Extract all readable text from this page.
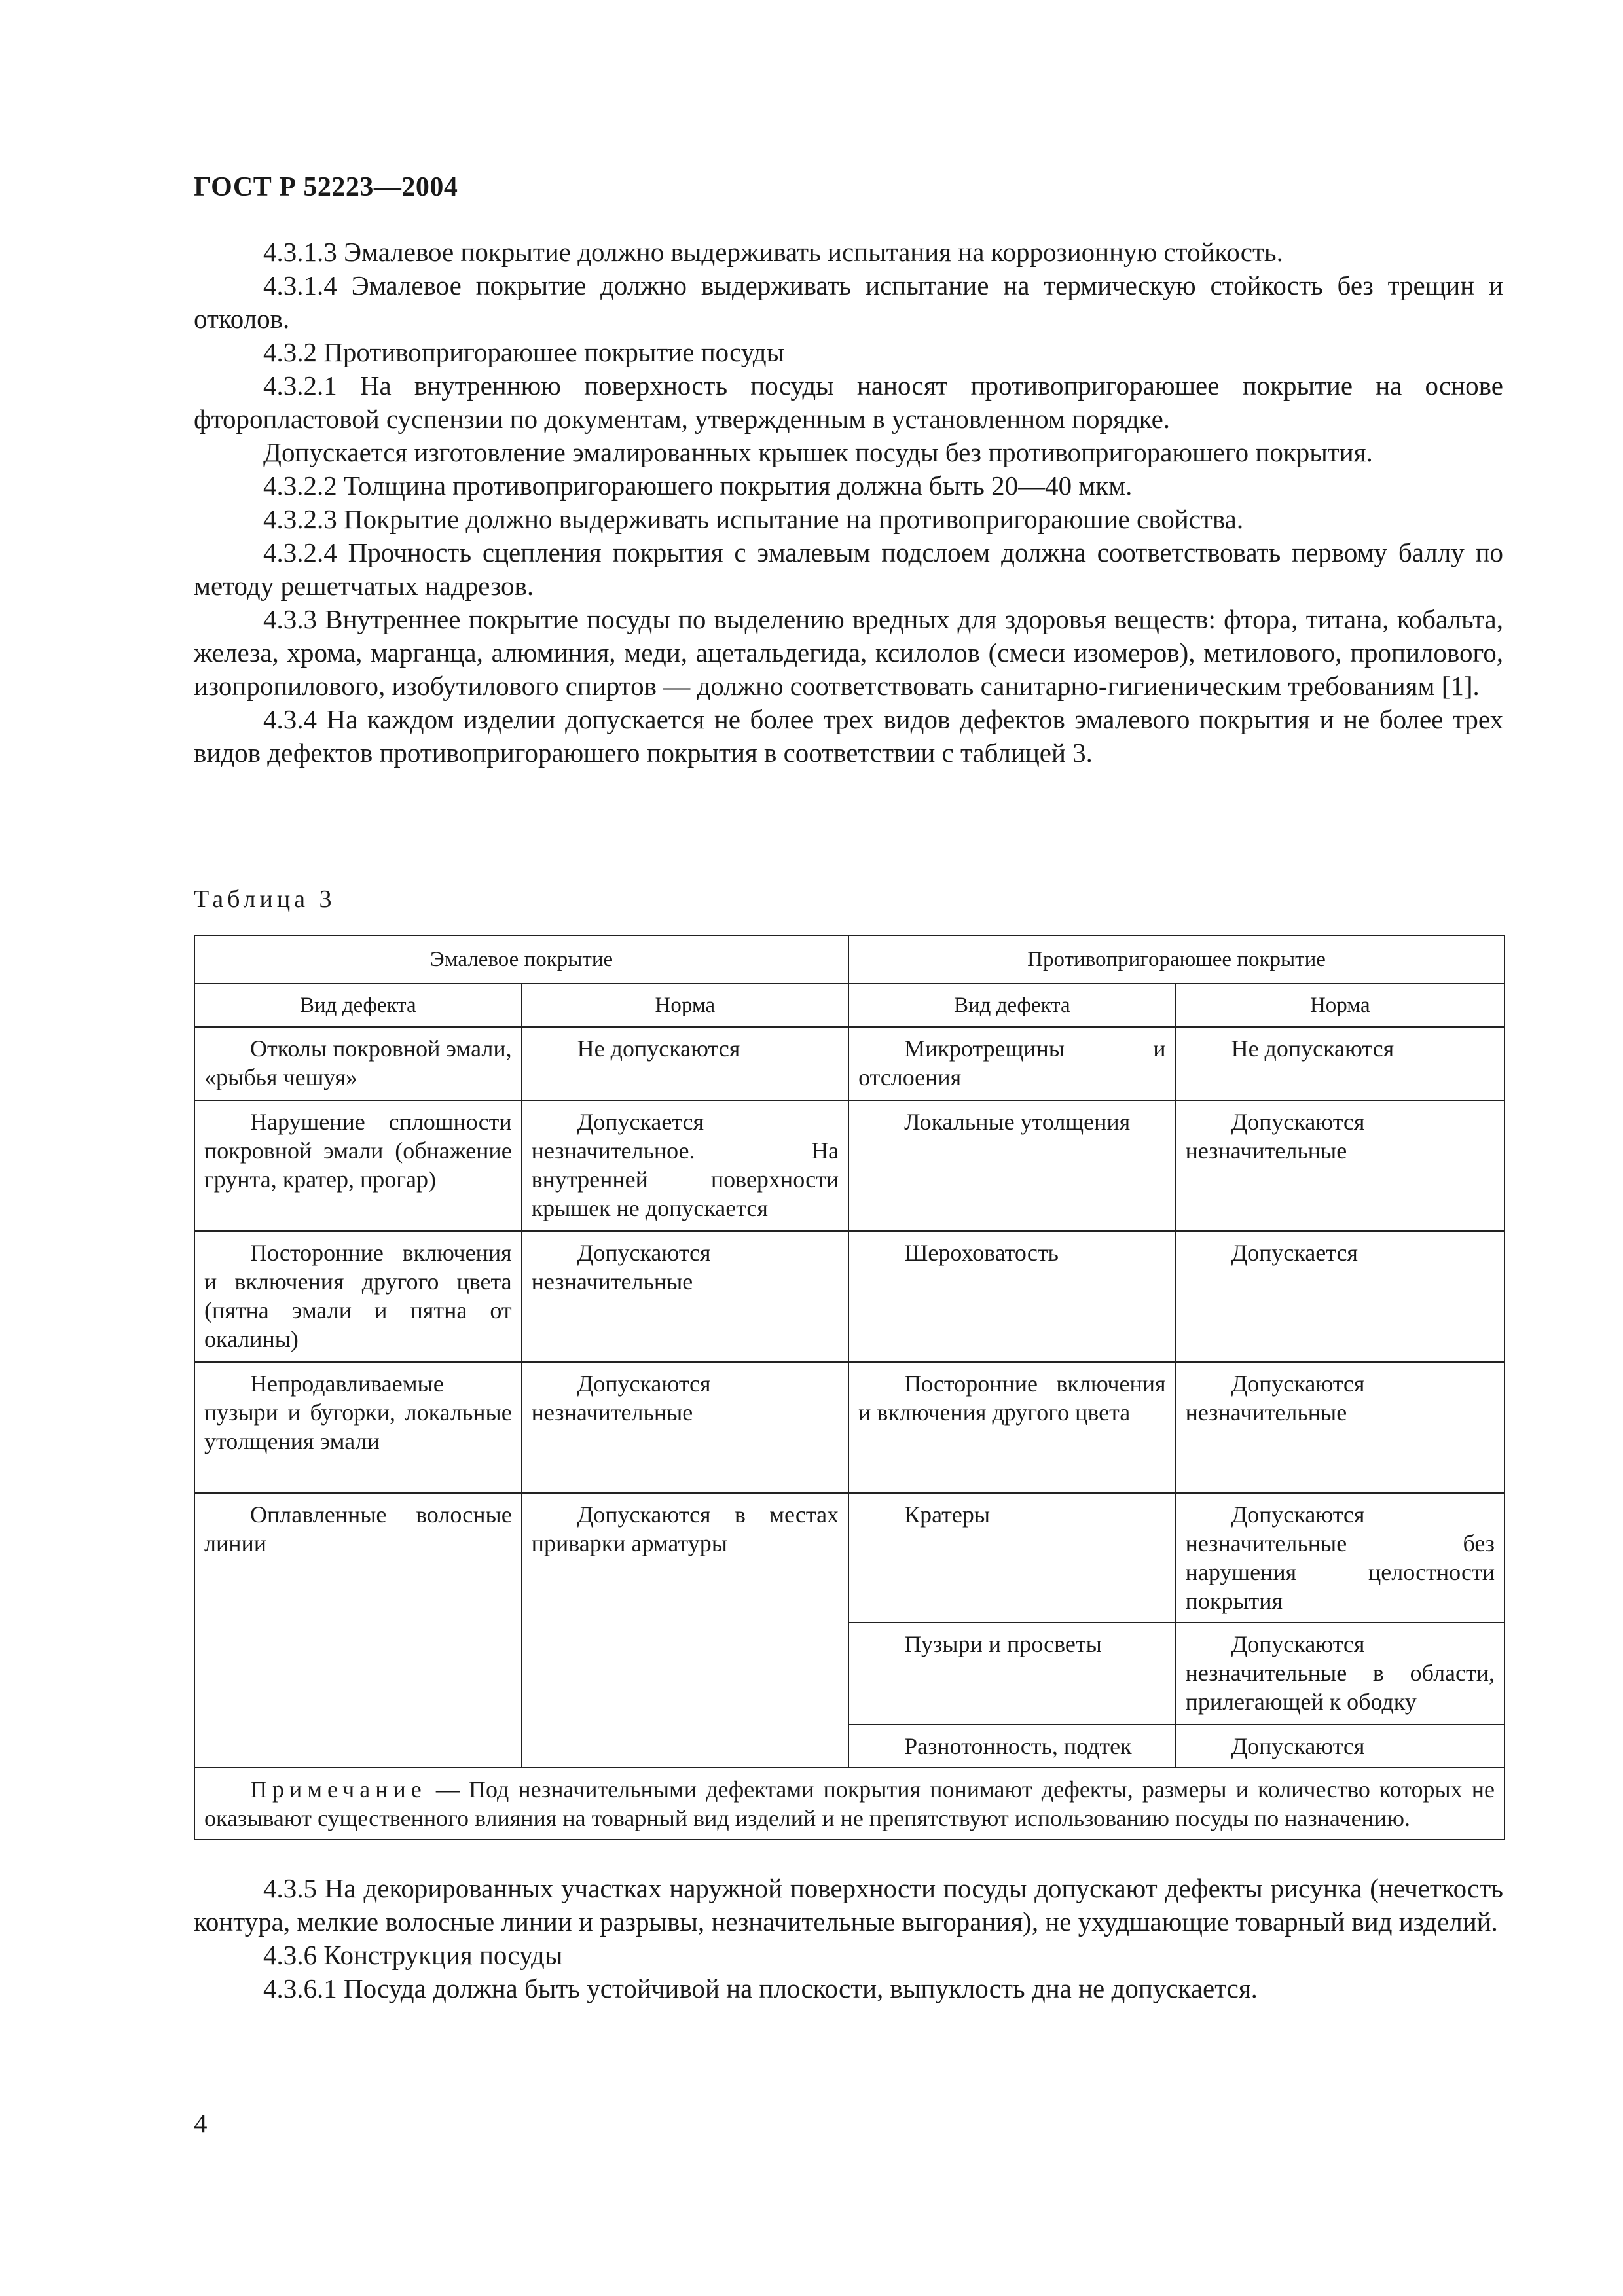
ГОСТ Р 52223—2004

4.3.1.3 Эмалевое покрытие должно выдерживать испытания на коррозионную стойкость.

4.3.1.4 Эмалевое покрытие должно выдерживать испытание на термическую стойкость без трещин и отколов.

4.3.2 Противопригораюшее покрытие посуды

4.3.2.1 На внутреннюю поверхность посуды наносят противопригораюшее покрытие на основе фторопластовой суспензии по документам, утвержденным в установленном порядке.

Допускается изготовление эмалированных крышек посуды без противопригораюшего покрытия.

4.3.2.2 Толщина противопригораюшего покрытия должна быть 20—40 мкм.

4.3.2.3 Покрытие должно выдерживать испытание на противопригораюшие свойства.

4.3.2.4 Прочность сцепления покрытия с эмалевым подслоем должна соответствовать первому баллу по методу решетчатых надрезов.

4.3.3 Внутреннее покрытие посуды по выделению вредных для здоровья веществ: фтора, титана, кобальта, железа, хрома, марганца, алюминия, меди, ацетальдегида, ксилолов (смеси изомеров), метилового, пропилового, изопропилового, изобутилового спиртов — должно соответствовать санитарно-гигиеническим требованиям [1].

4.3.4 На каждом изделии допускается не более трех видов дефектов эмалевого покрытия и не более трех видов дефектов противопригораюшего покрытия в соответствии с таблицей 3.

Таблица 3
Эмалевое покрытие		Противопригораюшее покрытие	
Вид дефекта	Норма	Вид дефекта	Норма
Отколы покровной эмали, «рыбья чешуя»	Не допускаются	Микротрещины и отслоения	Не допускаются
Нарушение сплошности покровной эмали (обнажение грунта, кратер, прогар)	Допускается незначительное. На внутренней поверхности крышек не допускается	Локальные утолщения	Допускаются незначительные
Посторонние включения и включения другого цвета (пятна эмали и пятна от окалины)	Допускаются незначительные	Шероховатость	Допускается
Непродавливаемые пузыри и бугорки, локальные утолщения эмали	Допускаются незначительные	Посторонние включения и включения другого цвета	Допускаются незначительные
Оплавленные волосные линии	Допускаются в местах приварки арматуры	Кратеры	Допускаются незначительные без нарушения целостности покрытия
		Пузыри и просветы	Допускаются незначительные в области, прилегающей к ободку
		Разнотонность, подтек	Допускаются
Примечание — Под незначительными дефектами покрытия понимают дефекты, размеры и количество которых не оказывают существенного влияния на товарный вид изделий и не препятствуют использованию посуды по назначению.			

4.3.5 На декорированных участках наружной поверхности посуды допускают дефекты рисунка (нечеткость контура, мелкие волосные линии и разрывы, незначительные выгорания), не ухудшающие товарный вид изделий.

4.3.6 Конструкция посуды

4.3.6.1 Посуда должна быть устойчивой на плоскости, выпуклость дна не допускается.

4
